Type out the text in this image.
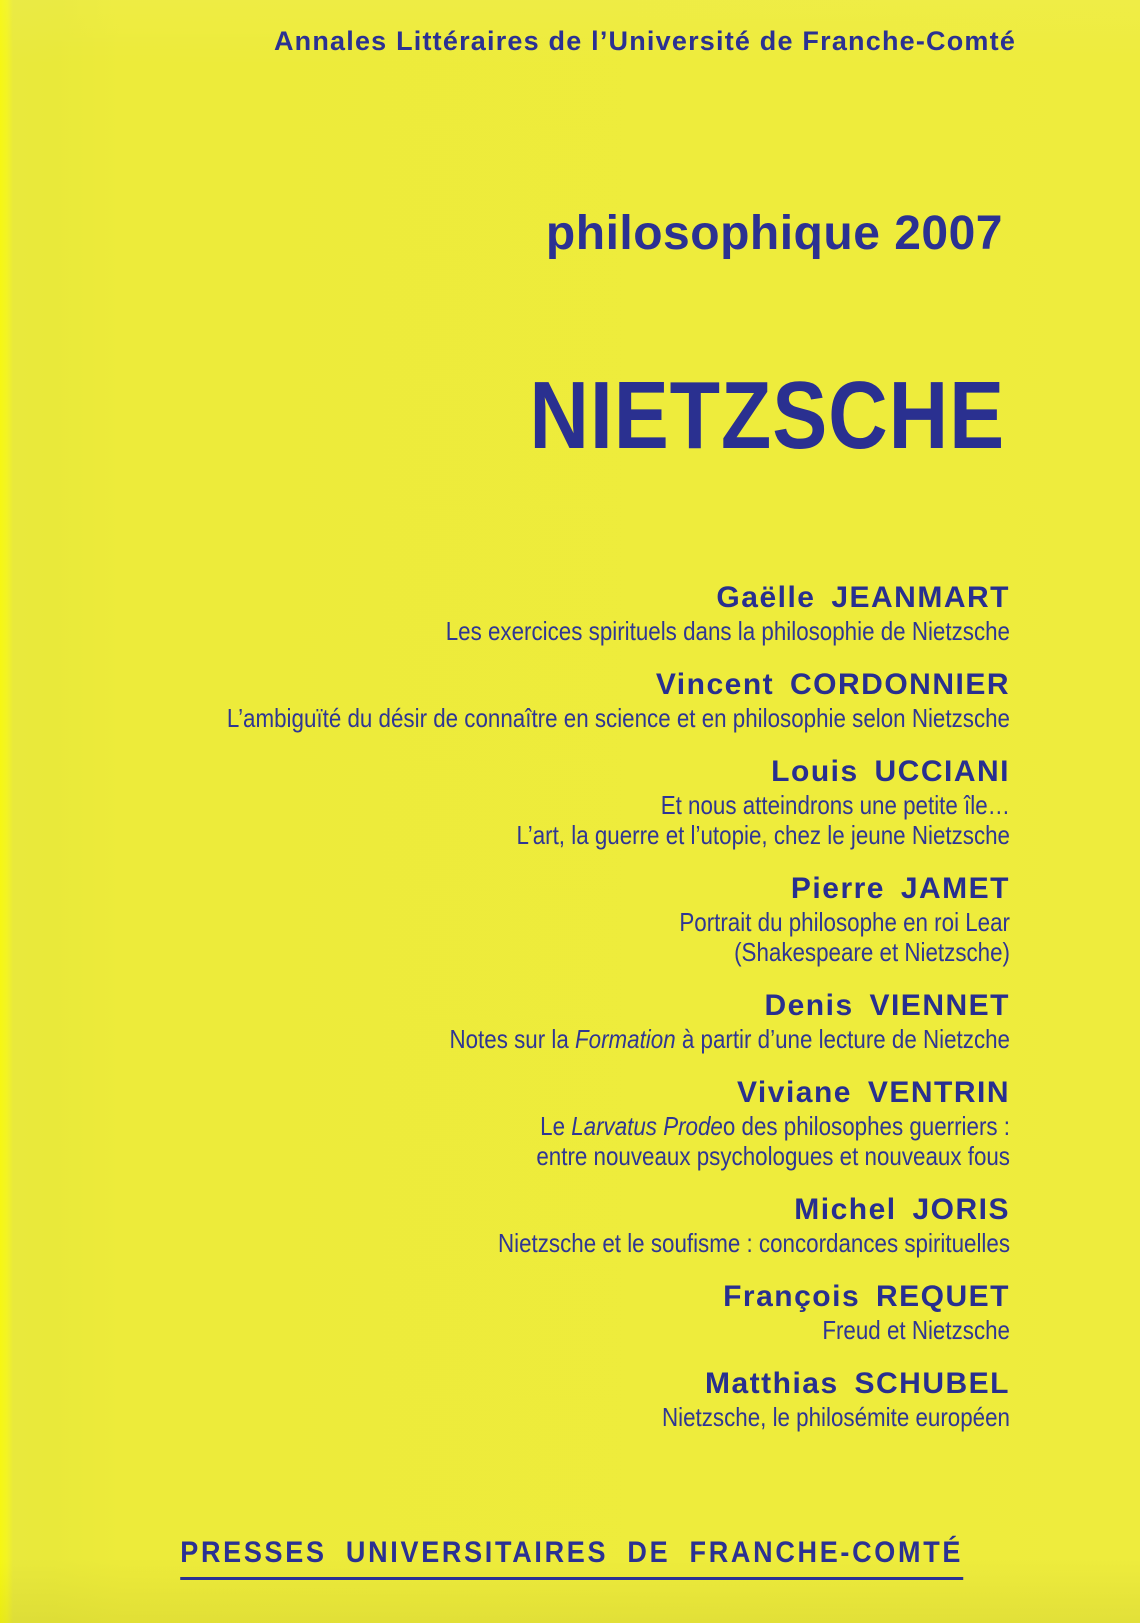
Annales Littéraires de l’Université de Franche-Comté
philosophique 2007
NIETZSCHE
Gaëlle JEANMART
Les exercices spirituels dans la philosophie de Nietzsche
Vincent CORDONNIER
L’ambiguïté du désir de connaître en science et en philosophie selon Nietzsche
Louis UCCIANI
Et nous atteindrons une petite île…
L’art, la guerre et l’utopie, chez le jeune Nietzsche
Pierre JAMET
Portrait du philosophe en roi Lear
(Shakespeare et Nietzsche)
Denis VIENNET
Notes sur la Formation à partir d’une lecture de Nietzche
Viviane VENTRIN
Le Larvatus Prodeo des philosophes guerriers :
entre nouveaux psychologues et nouveaux fous
Michel JORIS
Nietzsche et le soufisme : concordances spirituelles
François REQUET
Freud et Nietzsche
Matthias SCHUBEL
Nietzsche, le philosémite européen
PRESSES UNIVERSITAIRES DE FRANCHE-COMTÉ
